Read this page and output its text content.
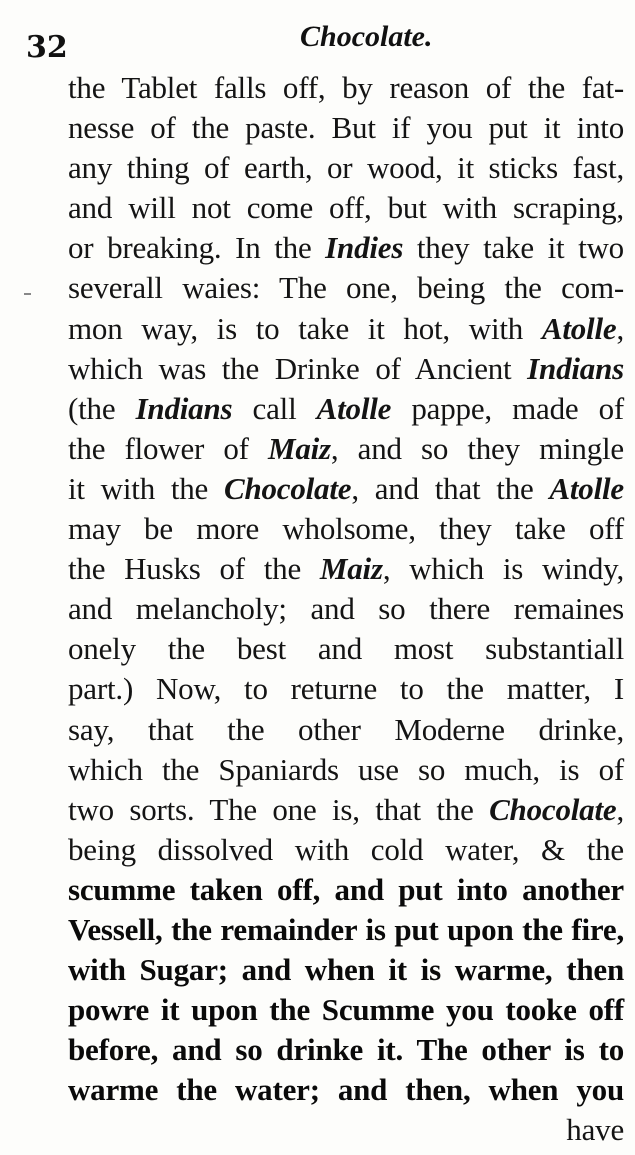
32	Chocolate.
the Tablet falls off, by reason of the fat-
nesse of the paste. But if you put it into
any thing of earth, or wood, it sticks fast,
and will not come off, but with scraping,
or breaking. In the Indies they take it two
severall waies: The one, being the com-
mon way, is to take it hot, with Atolle,
which was the Drinke of Ancient Indians
(the Indians call Atolle pappe, made of
the flower of Maiz, and so they mingle
it with the Chocolate, and that the Atolle
may be more wholsome, they take off
the Husks of the Maiz, which is windy,
and melancholy; and so there remaines
onely the best and most substantiall
part.) Now, to returne to the matter, I
say, that the other Moderne drinke,
which the Spaniards use so much, is of
two sorts. The one is, that the Chocolate,
being dissolved with cold water, & the
scumme taken off, and put into another
Vessell, the remainder is put upon the fire,
with Sugar; and when it is warme, then
powre it upon the Scumme you tooke off
before, and so drinke it. The other is to
warme the water; and then, when you
have
